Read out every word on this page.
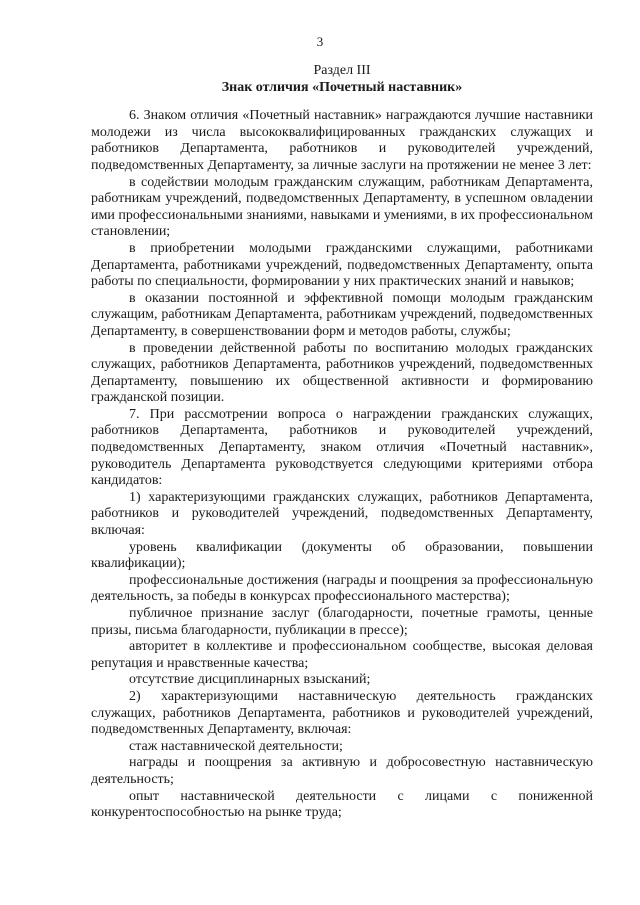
3

Раздел III

Знак отличия «Почетный наставник»

6. Знаком отличия «Почетный наставник» награждаются лучшие наставники молодежи из числа высококвалифицированных гражданских служащих и работников Департамента, работников и руководителей учреждений, подведомственных Департаменту, за личные заслуги на протяжении не менее 3 лет:

в содействии молодым гражданским служащим, работникам Департамента, работникам учреждений, подведомственных Департаменту, в успешном овладении ими профессиональными знаниями, навыками и умениями, в их профессиональном становлении;

в приобретении молодыми гражданскими служащими, работниками Департамента, работниками учреждений, подведомственных Департаменту, опыта работы по специальности, формировании у них практических знаний и навыков;

в оказании постоянной и эффективной помощи молодым гражданским служащим, работникам Департамента, работникам учреждений, подведомственных Департаменту, в совершенствовании форм и методов работы, службы;

в проведении действенной работы по воспитанию молодых гражданских служащих, работников Департамента, работников учреждений, подведомственных Департаменту, повышению их общественной активности и формированию гражданской позиции.

7. При рассмотрении вопроса о награждении гражданских служащих, работников Департамента, работников и руководителей учреждений, подведомственных Департаменту, знаком отличия «Почетный наставник», руководитель Департамента руководствуется следующими критериями отбора кандидатов:

1) характеризующими гражданских служащих, работников Департамента, работников и руководителей учреждений, подведомственных Департаменту, включая:

уровень квалификации (документы об образовании, повышении квалификации);

профессиональные достижения (награды и поощрения за профессиональную деятельность, за победы в конкурсах профессионального мастерства);

публичное признание заслуг (благодарности, почетные грамоты, ценные призы, письма благодарности, публикации в прессе);

авторитет в коллективе и профессиональном сообществе, высокая деловая репутация и нравственные качества;

отсутствие дисциплинарных взысканий;

2) характеризующими наставническую деятельность гражданских служащих, работников Департамента, работников и руководителей учреждений, подведомственных Департаменту, включая:

стаж наставнической деятельности;

награды и поощрения за активную и добросовестную наставническую деятельность;

опыт наставнической деятельности с лицами с пониженной конкурентоспособностью на рынке труда;
